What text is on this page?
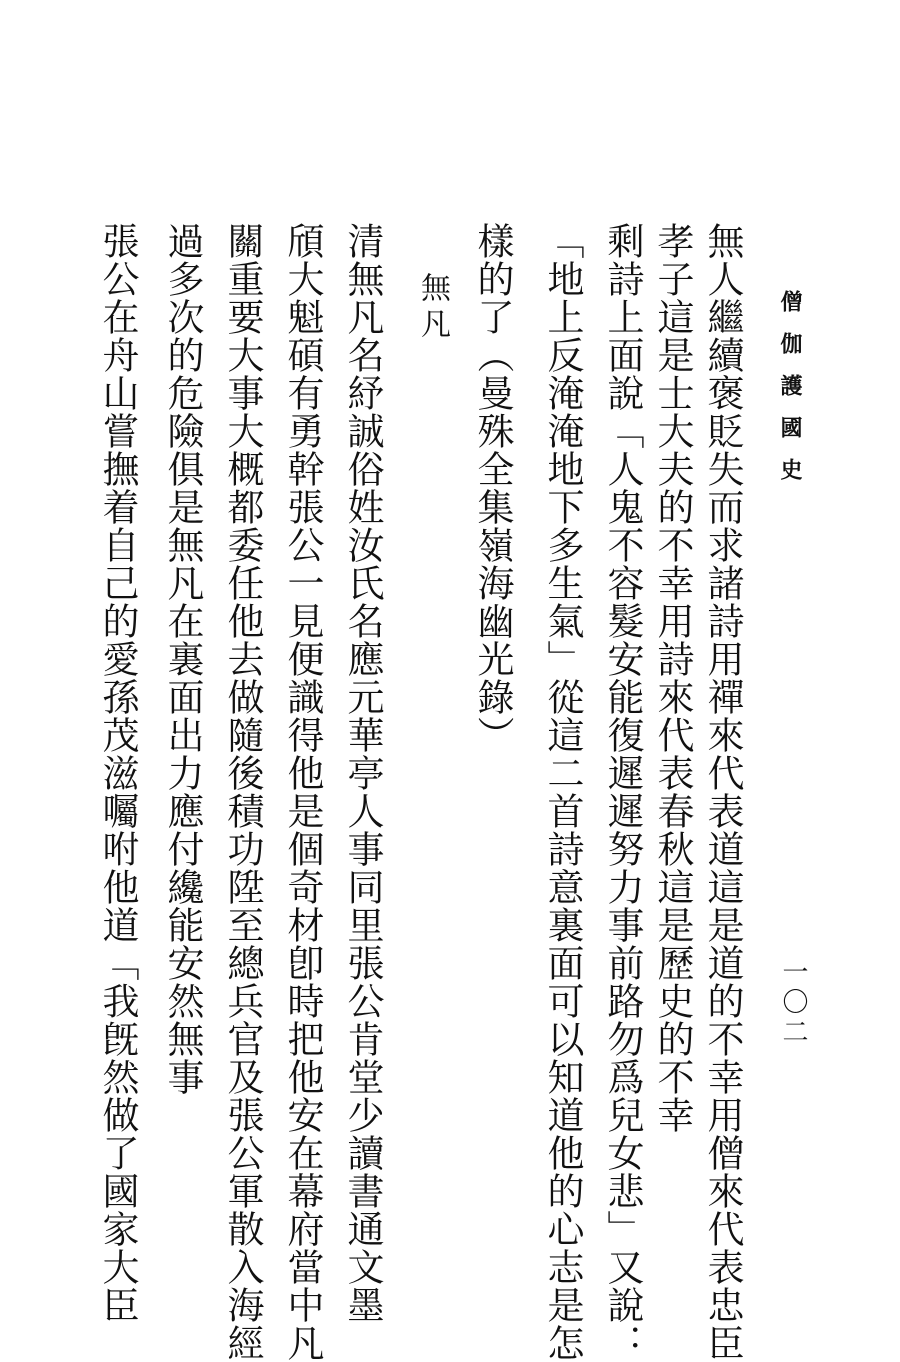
僧伽護國史
一〇二
無人繼續褒貶失而求諸詩用禪來代表道這是道的不幸用僧來代表忠臣
孝子這是士大夫的不幸用詩來代表春秋這是歷史的不幸
剩詩上面說「人鬼不容髮安能復遲遲努力事前路勿爲兒女悲」又說：
「地上反淹淹地下多生氣」從這二首詩意裏面可以知道他的心志是怎
樣的了（曼殊全集嶺海幽光錄）
無凡
清無凡名紓誠俗姓汝氏名應元華亭人事同里張公肯堂少讀書通文墨
頎大魁碩有勇幹張公一見便識得他是個奇材卽時把他安在幕府當中凡
關重要大事大概都委任他去做隨後積功陞至總兵官及張公軍散入海經
過多次的危險俱是無凡在裏面出力應付纔能安然無事
張公在舟山嘗撫着自己的愛孫茂滋囑咐他道「我旣然做了國家大臣
